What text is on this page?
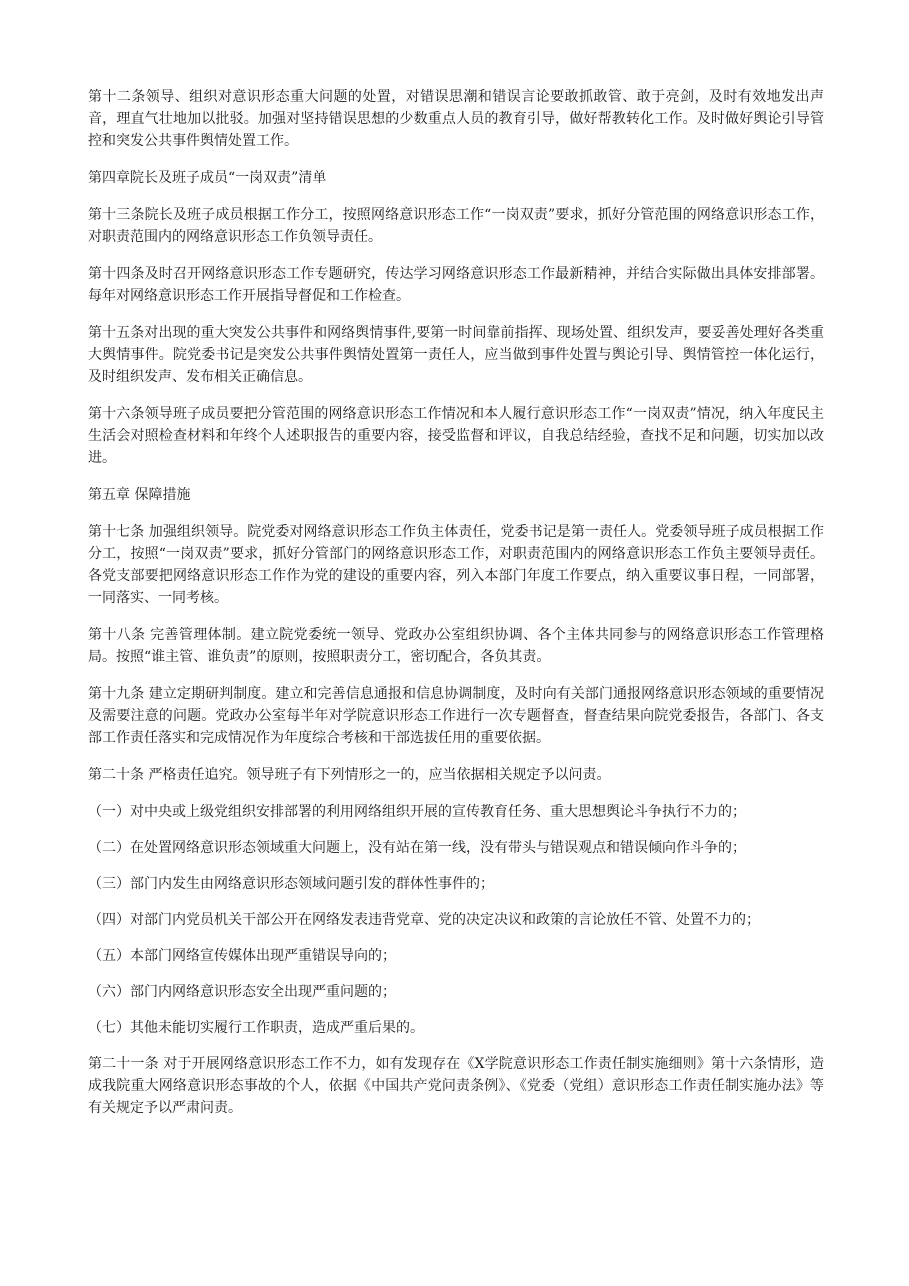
第十二条领导、组织对意识形态重大问题的处置，对错误思潮和错误言论要敢抓敢管、敢于亮剑，及时有效地发出声音，理直气壮地加以批驳。加强对坚持错误思想的少数重点人员的教育引导，做好帮教转化工作。及时做好舆论引导管控和突发公共事件舆情处置工作。

第四章院长及班子成员“一岗双责”清单

第十三条院长及班子成员根据工作分工，按照网络意识形态工作“一岗双责”要求，抓好分管范围的网络意识形态工作，对职责范围内的网络意识形态工作负领导责任。

第十四条及时召开网络意识形态工作专题研究，传达学习网络意识形态工作最新精神，并结合实际做出具体安排部署。每年对网络意识形态工作开展指导督促和工作检查。

第十五条对出现的重大突发公共事件和网络舆情事件,要第一时间靠前指挥、现场处置、组织发声，要妥善处理好各类重大舆情事件。院党委书记是突发公共事件舆情处置第一责任人，应当做到事件处置与舆论引导、舆情管控一体化运行，及时组织发声、发布相关正确信息。

第十六条领导班子成员要把分管范围的网络意识形态工作情况和本人履行意识形态工作“一岗双责”情况，纳入年度民主生活会对照检查材料和年终个人述职报告的重要内容，接受监督和评议，自我总结经验，查找不足和问题，切实加以改进。

第五章 保障措施

第十七条 加强组织领导。院党委对网络意识形态工作负主体责任，党委书记是第一责任人。党委领导班子成员根据工作分工，按照“一岗双责”要求，抓好分管部门的网络意识形态工作，对职责范围内的网络意识形态工作负主要领导责任。各党支部要把网络意识形态工作作为党的建设的重要内容，列入本部门年度工作要点，纳入重要议事日程，一同部署，一同落实、一同考核。

第十八条 完善管理体制。建立院党委统一领导、党政办公室组织协调、各个主体共同参与的网络意识形态工作管理格局。按照“谁主管、谁负责”的原则，按照职责分工，密切配合，各负其责。

第十九条 建立定期研判制度。建立和完善信息通报和信息协调制度，及时向有关部门通报网络意识形态领域的重要情况及需要注意的问题。党政办公室每半年对学院意识形态工作进行一次专题督查，督查结果向院党委报告，各部门、各支部工作责任落实和完成情况作为年度综合考核和干部选拔任用的重要依据。

第二十条 严格责任追究。领导班子有下列情形之一的，应当依据相关规定予以问责。

（一）对中央或上级党组织安排部署的利用网络组织开展的宣传教育任务、重大思想舆论斗争执行不力的；

（二）在处置网络意识形态领域重大问题上，没有站在第一线，没有带头与错误观点和错误倾向作斗争的；

（三）部门内发生由网络意识形态领域问题引发的群体性事件的；

（四）对部门内党员机关干部公开在网络发表违背党章、党的决定决议和政策的言论放任不管、处置不力的；

（五）本部门网络宣传媒体出现严重错误导向的；

（六）部门内网络意识形态安全出现严重问题的；

（七）其他未能切实履行工作职责，造成严重后果的。

第二十一条 对于开展网络意识形态工作不力，如有发现存在《X学院意识形态工作责任制实施细则》第十六条情形，造成我院重大网络意识形态事故的个人，依据《中国共产党问责条例》、《党委（党组）意识形态工作责任制实施办法》等有关规定予以严肃问责。
